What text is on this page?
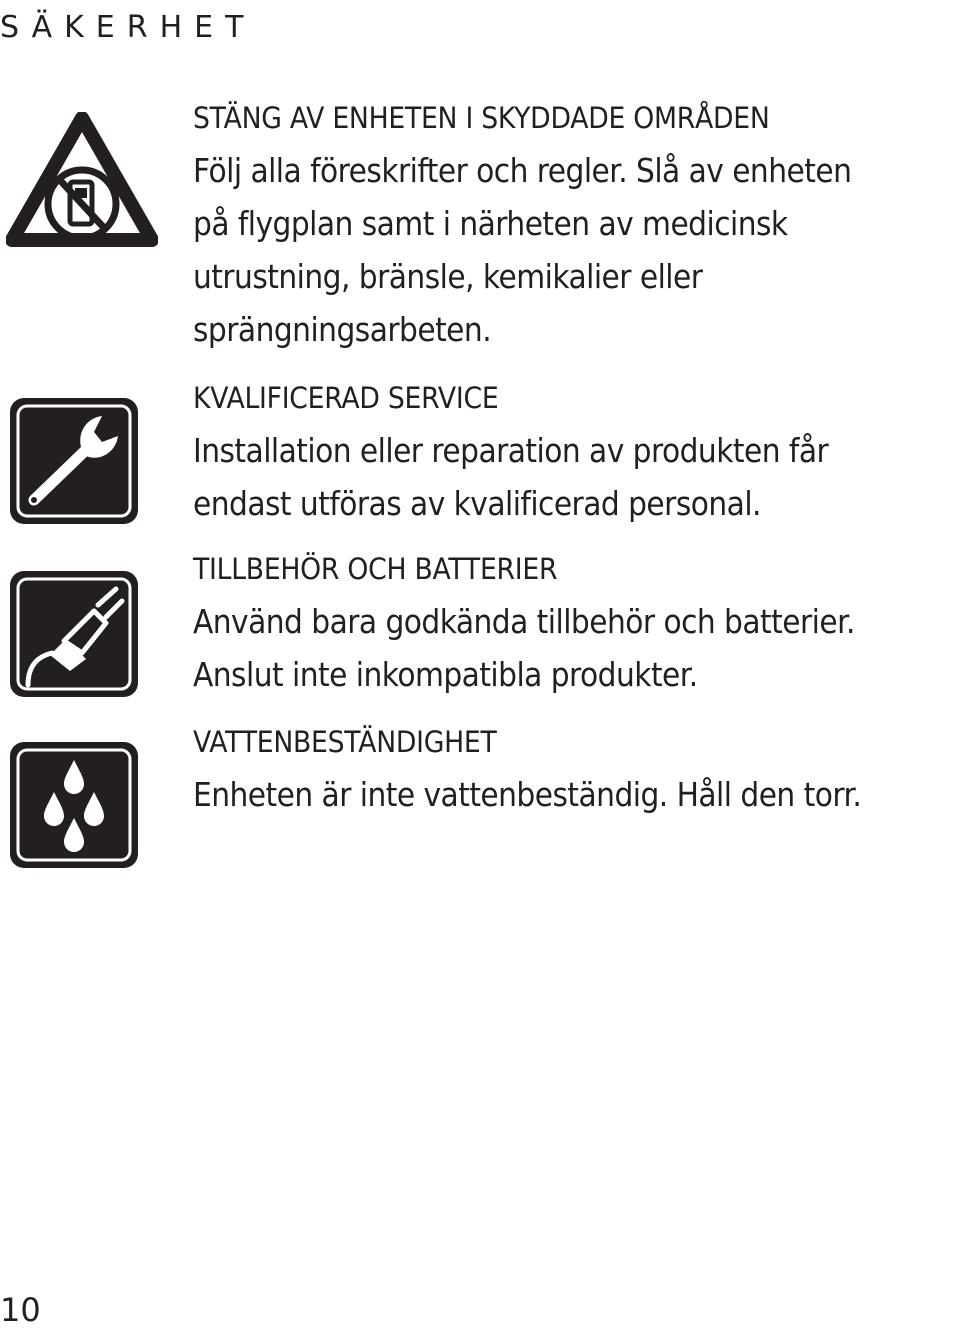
SÄKERHET
STÄNG AV ENHETEN I SKYDDADE OMRÅDEN
Följ alla föreskrifter och regler. Slå av enheten
på flygplan samt i närheten av medicinsk
utrustning, bränsle, kemikalier eller
sprängningsarbeten.
KVALIFICERAD SERVICE
Installation eller reparation av produkten får
endast utföras av kvalificerad personal.
TILLBEHÖR OCH BATTERIER
Använd bara godkända tillbehör och batterier.
Anslut inte inkompatibla produkter.
VATTENBESTÄNDIGHET
Enheten är inte vattenbeständig. Håll den torr.
10
